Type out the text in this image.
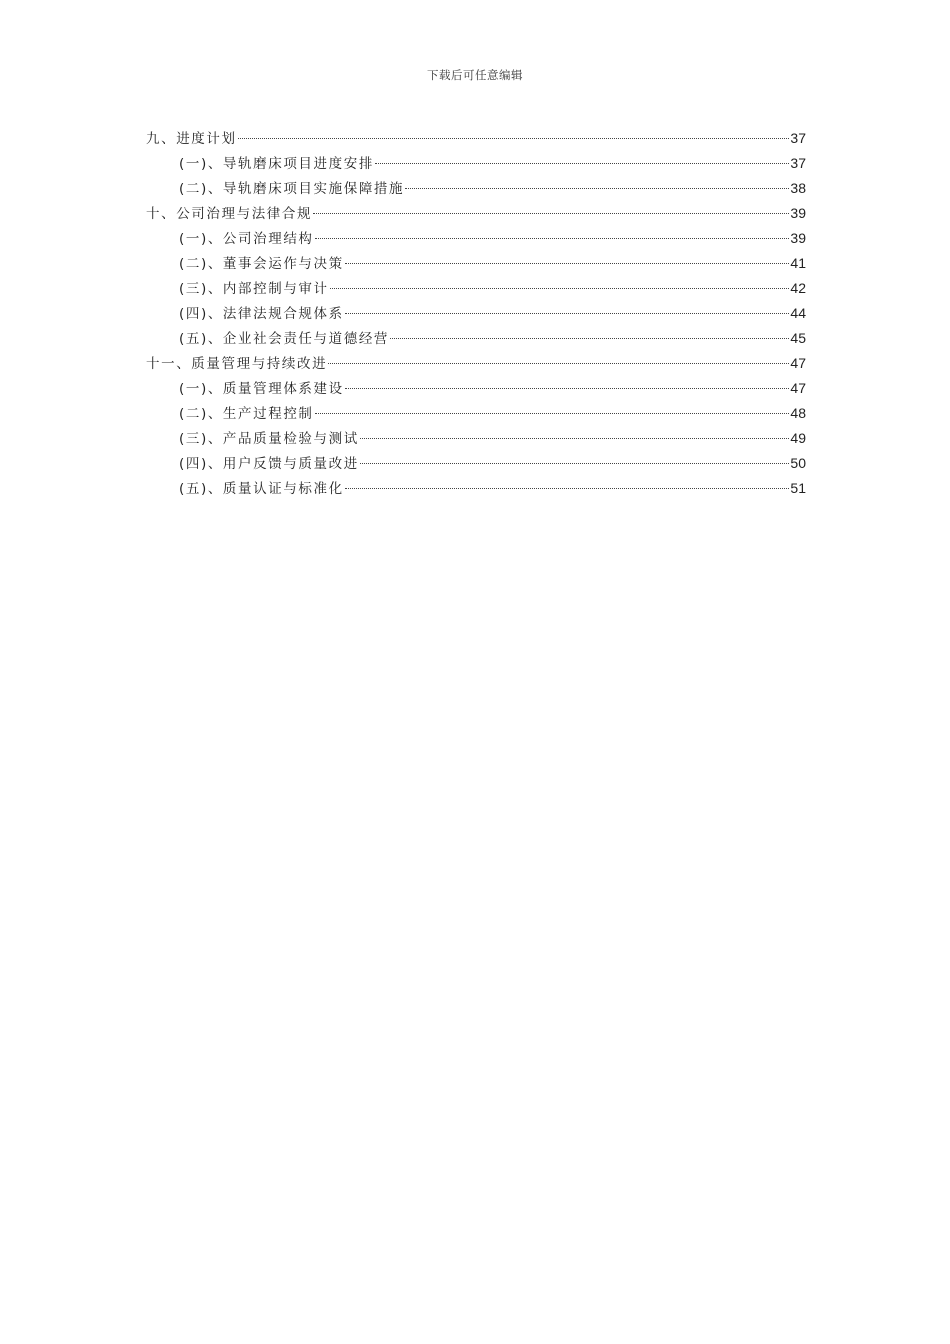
下载后可任意编辑
九、进度计划	37
(一)、导轨磨床项目进度安排	37
(二)、导轨磨床项目实施保障措施	38
十、公司治理与法律合规	39
(一)、公司治理结构	39
(二)、董事会运作与决策	41
(三)、内部控制与审计	42
(四)、法律法规合规体系	44
(五)、企业社会责任与道德经营	45
十一、质量管理与持续改进	47
(一)、质量管理体系建设	47
(二)、生产过程控制	48
(三)、产品质量检验与测试	49
(四)、用户反馈与质量改进	50
(五)、质量认证与标准化	51
